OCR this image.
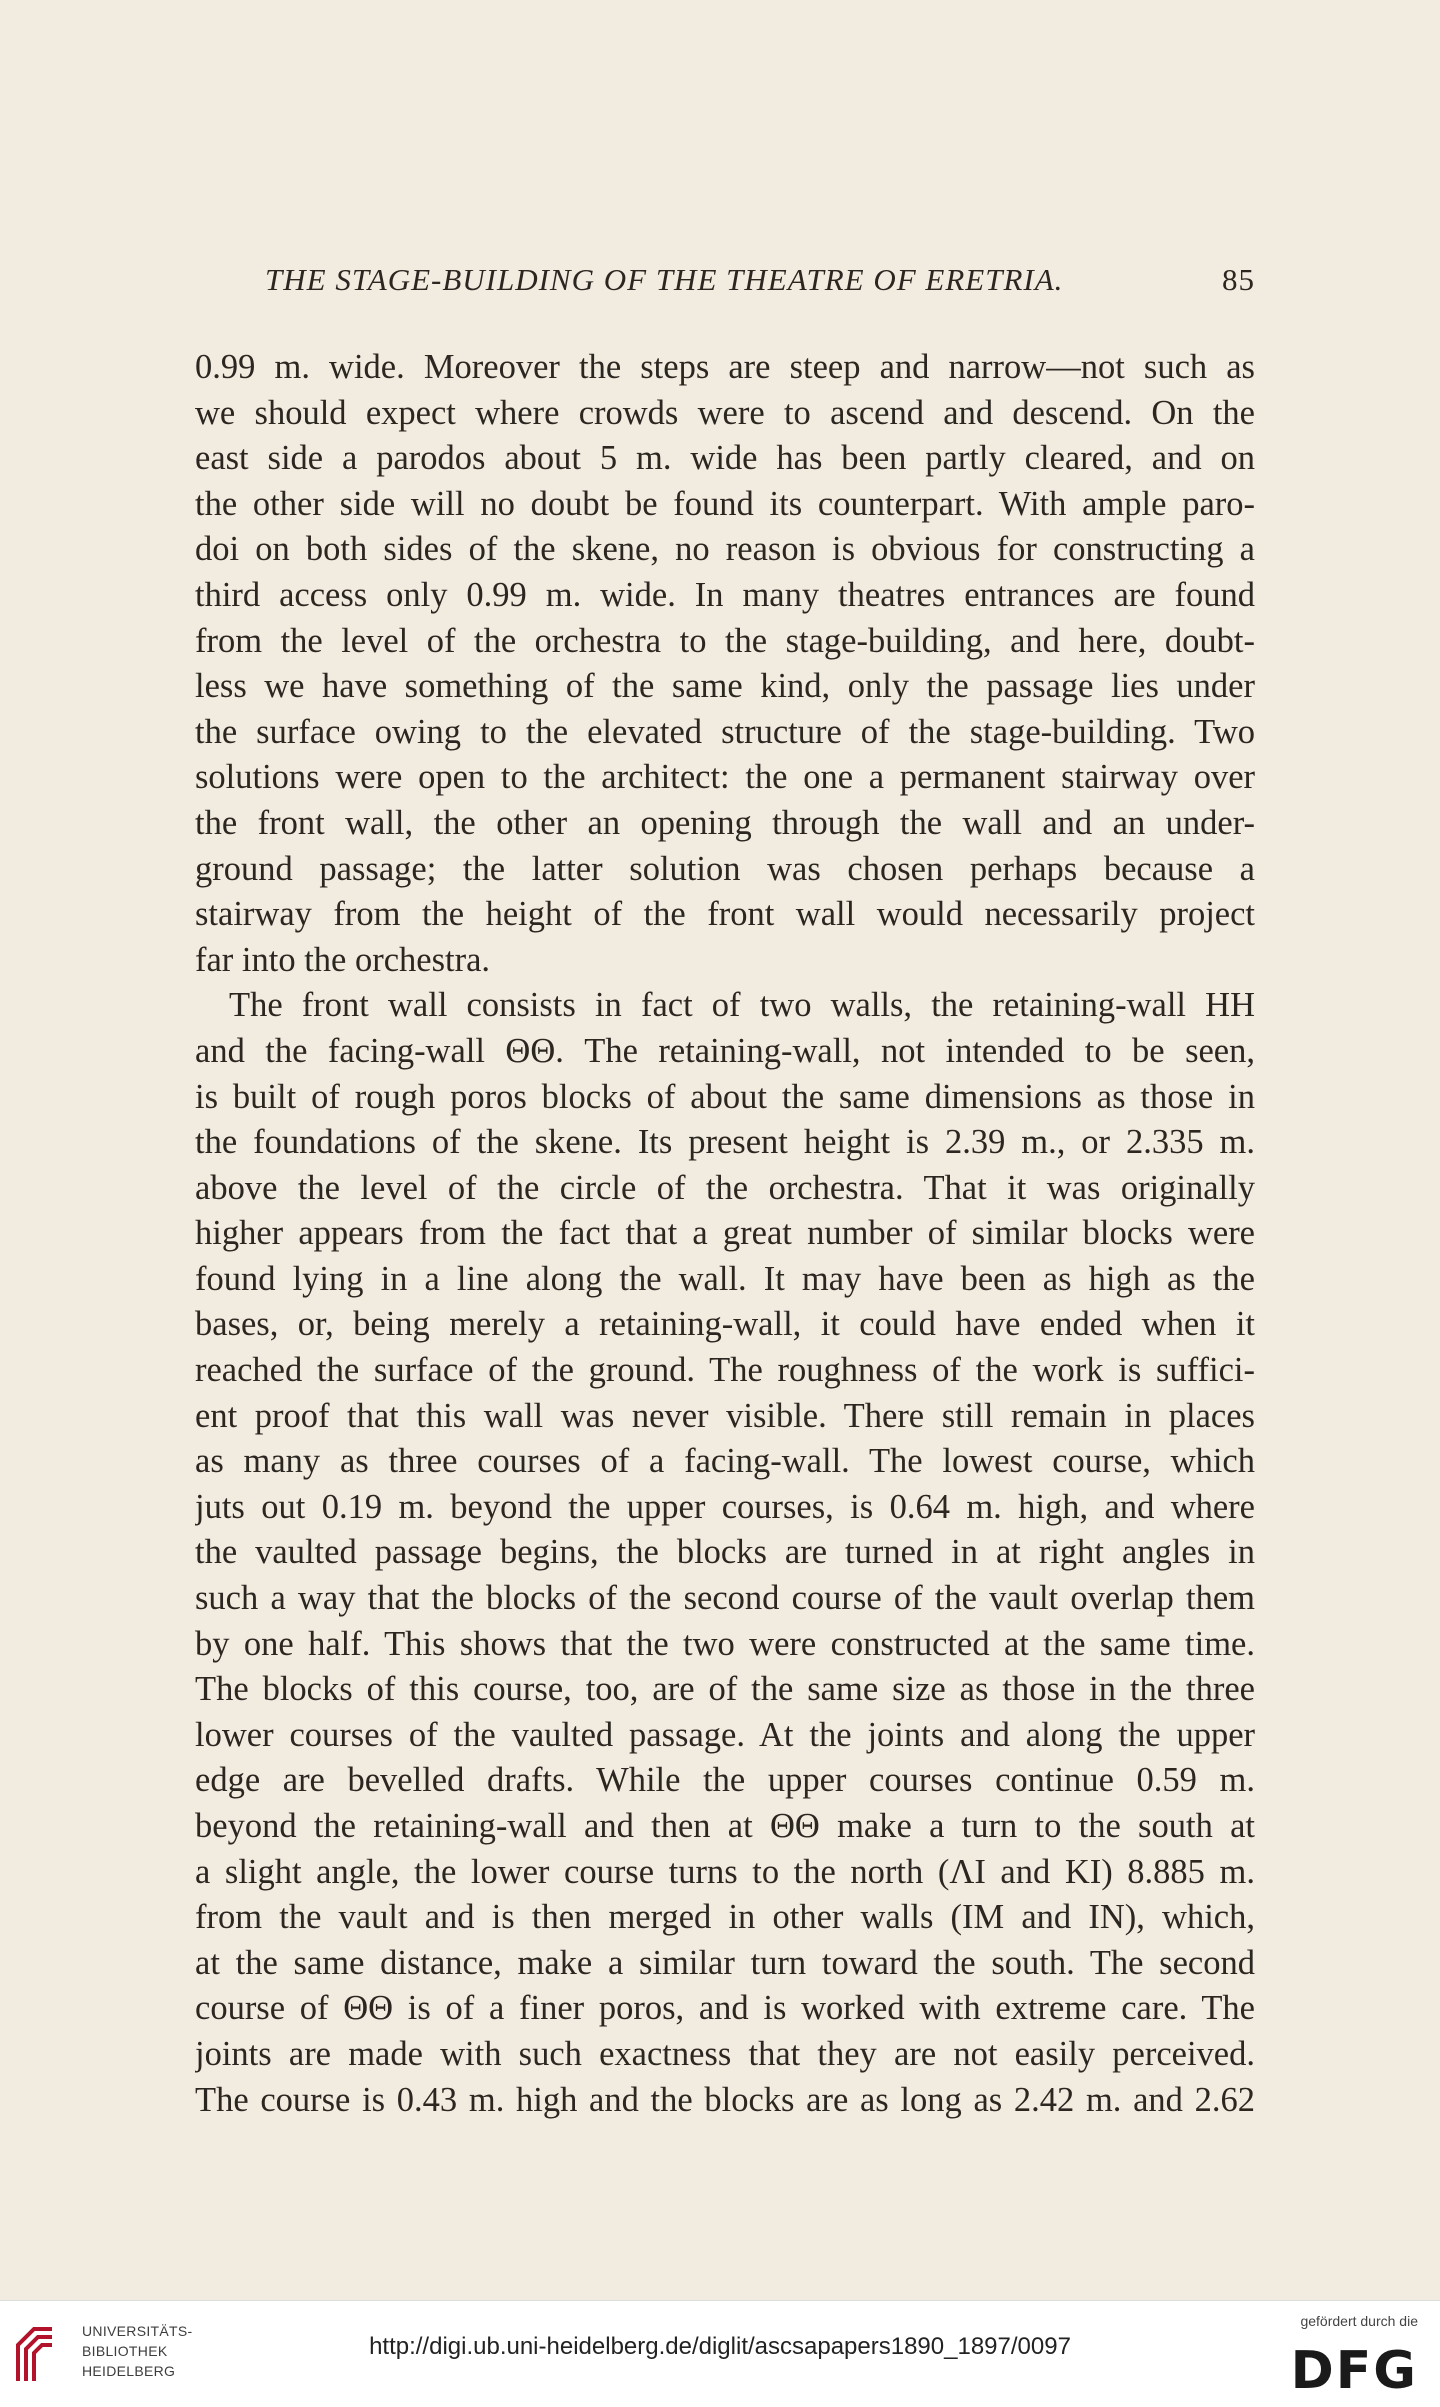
THE STAGE-BUILDING OF THE THEATRE OF ERETRIA.	85
0.99 m. wide. Moreover the steps are steep and narrow—not such as
we should expect where crowds were to ascend and descend. On the
east side a parodos about 5 m. wide has been partly cleared, and on
the other side will no doubt be found its counterpart. With ample paro-
doi on both sides of the skene, no reason is obvious for constructing a
third access only 0.99 m. wide. In many theatres entrances are found
from the level of the orchestra to the stage-building, and here, doubt-
less we have something of the same kind, only the passage lies under
the surface owing to the elevated structure of the stage-building. Two
solutions were open to the architect: the one a permanent stairway over
the front wall, the other an opening through the wall and an under-
ground passage; the latter solution was chosen perhaps because a
stairway from the height of the front wall would necessarily project
far into the orchestra.
The front wall consists in fact of two walls, the retaining-wall HH
and the facing-wall ΘΘ. The retaining-wall, not intended to be seen,
is built of rough poros blocks of about the same dimensions as those in
the foundations of the skene. Its present height is 2.39 m., or 2.335 m.
above the level of the circle of the orchestra. That it was originally
higher appears from the fact that a great number of similar blocks were
found lying in a line along the wall. It may have been as high as the
bases, or, being merely a retaining-wall, it could have ended when it
reached the surface of the ground. The roughness of the work is suffici-
ent proof that this wall was never visible. There still remain in places
as many as three courses of a facing-wall. The lowest course, which
juts out 0.19 m. beyond the upper courses, is 0.64 m. high, and where
the vaulted passage begins, the blocks are turned in at right angles in
such a way that the blocks of the second course of the vault overlap them
by one half. This shows that the two were constructed at the same time.
The blocks of this course, too, are of the same size as those in the three
lower courses of the vaulted passage. At the joints and along the upper
edge are bevelled drafts. While the upper courses continue 0.59 m.
beyond the retaining-wall and then at ΘΘ make a turn to the south at
a slight angle, the lower course turns to the north (ΛI and KI) 8.885 m.
from the vault and is then merged in other walls (IM and IN), which,
at the same distance, make a similar turn toward the south. The second
course of ΘΘ is of a finer poros, and is worked with extreme care. The
joints are made with such exactness that they are not easily perceived.
The course is 0.43 m. high and the blocks are as long as 2.42 m. and 2.62
UNIVERSITÄTS-
BIBLIOTHEK
HEIDELBERG
http://digi.ub.uni-heidelberg.de/diglit/ascsapapers1890_1897/0097
gefördert durch die
DFG
